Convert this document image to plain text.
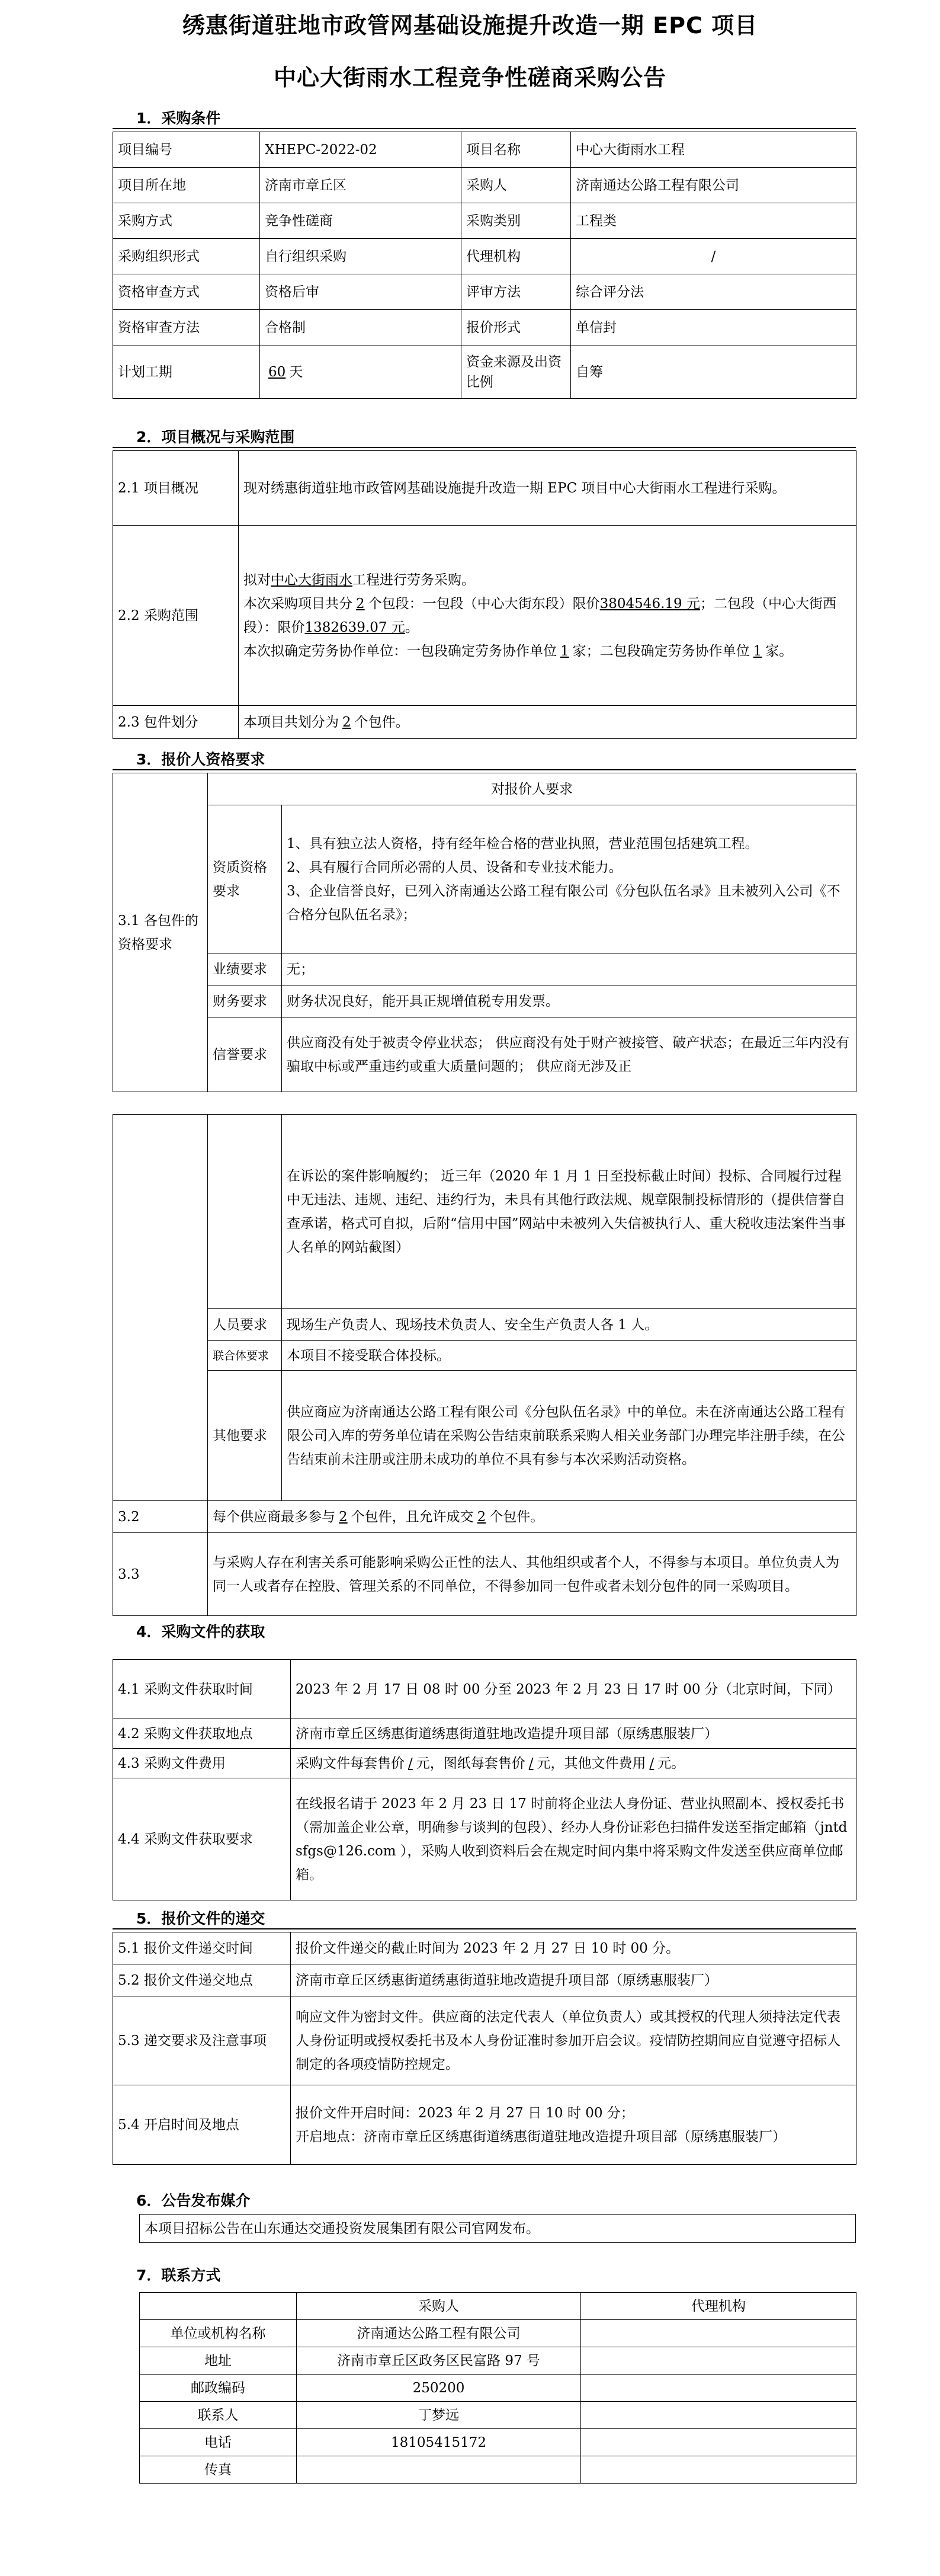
绣惠街道驻地市政管网基础设施提升改造一期 EPC 项目
中心大街雨水工程竞争性磋商采购公告
1．采购条件
项目编号	XHEPC-2022-02	项目名称	中心大街雨水工程
项目所在地	济南市章丘区	采购人	济南通达公路工程有限公司
采购方式	竞争性磋商	采购类别	工程类
采购组织形式	自行组织采购	代理机构	/
资格审查方式	资格后审	评审方法	综合评分法
资格审查方法	合格制	报价形式	单信封
计划工期	60 天	资金来源及出资比例	自筹
2．项目概况与采购范围
2.1 项目概况	现对绣惠街道驻地市政管网基础设施提升改造一期 EPC 项目中心大街雨水工程进行采购。
2.2 采购范围	拟对中心大街雨水工程进行劳务采购。
本次采购项目共分 2 个包段：一包段（中心大街东段）限价3804546.19 元；二包段（中心大街西段）：限价1382639.07 元。
本次拟确定劳务协作单位：一包段确定劳务协作单位 1 家；二包段确定劳务协作单位 1 家。

2.3 包件划分	本项目共划分为 2 个包件。
3．报价人资格要求
3.1 各包件的资格要求	对报价人要求	
	资质资格要求	1、具有独立法人资格，持有经年检合格的营业执照，营业范围包括建筑工程。
2、具有履行合同所必需的人员、设备和专业技术能力。
3、企业信誉良好，已列入济南通达公路工程有限公司《分包队伍名录》且未被列入公司《不合格分包队伍名录》；

	业绩要求	无；
	财务要求	财务状况良好，能开具正规增值税专用发票。
	信誉要求	供应商没有处于被责令停业状态； 供应商没有处于财产被接管、破产状态；在最近三年内没有骗取中标或严重违约或重大质量问题的； 供应商无涉及正
		在诉讼的案件影响履约； 近三年（2020 年 1 月 1 日至投标截止时间）投标、合同履行过程中无违法、违规、违纪、违约行为，未具有其他行政法规、规章限制投标情形的（提供信誉自查承诺，格式可自拟，后附“信用中国”网站中未被列入失信被执行人、重大税收违法案件当事人名单的网站截图）
	人员要求	现场生产负责人、现场技术负责人、安全生产负责人各 1 人。
	联合体要求	本项目不接受联合体投标。
	其他要求	供应商应为济南通达公路工程有限公司《分包队伍名录》中的单位。未在济南通达公路工程有限公司入库的劳务单位请在采购公告结束前联系采购人相关业务部门办理完毕注册手续，在公告结束前未注册或注册未成功的单位不具有参与本次采购活动资格。
3.2	每个供应商最多参与 2 个包件，且允许成交 2 个包件。	
3.3	与采购人存在利害关系可能影响采购公正性的法人、其他组织或者个人，不得参与本项目。单位负责人为同一人或者存在控股、管理关系的不同单位，不得参加同一包件或者未划分包件的同一采购项目。	
4．采购文件的获取
4.1 采购文件获取时间	2023 年 2 月 17 日 08 时 00 分至 2023 年 2 月 23 日 17 时 00 分（北京时间，下同）
4.2 采购文件获取地点	济南市章丘区绣惠街道绣惠街道驻地改造提升项目部（原绣惠服装厂）
4.3 采购文件费用	采购文件每套售价 / 元，图纸每套售价 / 元，其他文件费用 / 元。
4.4 采购文件获取要求	在线报名请于 2023 年 2 月 23 日 17 时前将企业法人身份证、营业执照副本、授权委托书（需加盖企业公章，明确参与谈判的包段）、经办人身份证彩色扫描件发送至指定邮箱（jntdsfgs@126.com ），采购人收到资料后会在规定时间内集中将采购文件发送至供应商单位邮箱。
5．报价文件的递交
5.1 报价文件递交时间	报价文件递交的截止时间为 2023 年 2 月 27 日 10 时 00 分。
5.2 报价文件递交地点	济南市章丘区绣惠街道绣惠街道驻地改造提升项目部（原绣惠服装厂）
5.3 递交要求及注意事项	响应文件为密封文件。供应商的法定代表人（单位负责人）或其授权的代理人须持法定代表人身份证明或授权委托书及本人身份证准时参加开启会议。疫情防控期间应自觉遵守招标人制定的各项疫情防控规定。
5.4 开启时间及地点	报价文件开启时间：2023 年 2 月 27 日 10 时 00 分；
开启地点：济南市章丘区绣惠街道绣惠街道驻地改造提升项目部（原绣惠服装厂）
6．公告发布媒介
本项目招标公告在山东通达交通投资发展集团有限公司官网发布。
7．联系方式
	采购人	代理机构
单位或机构名称	济南通达公路工程有限公司	
地址	济南市章丘区政务区民富路 97 号	
邮政编码	250200	
联系人	丁梦远	
电话	18105415172	
传真		
